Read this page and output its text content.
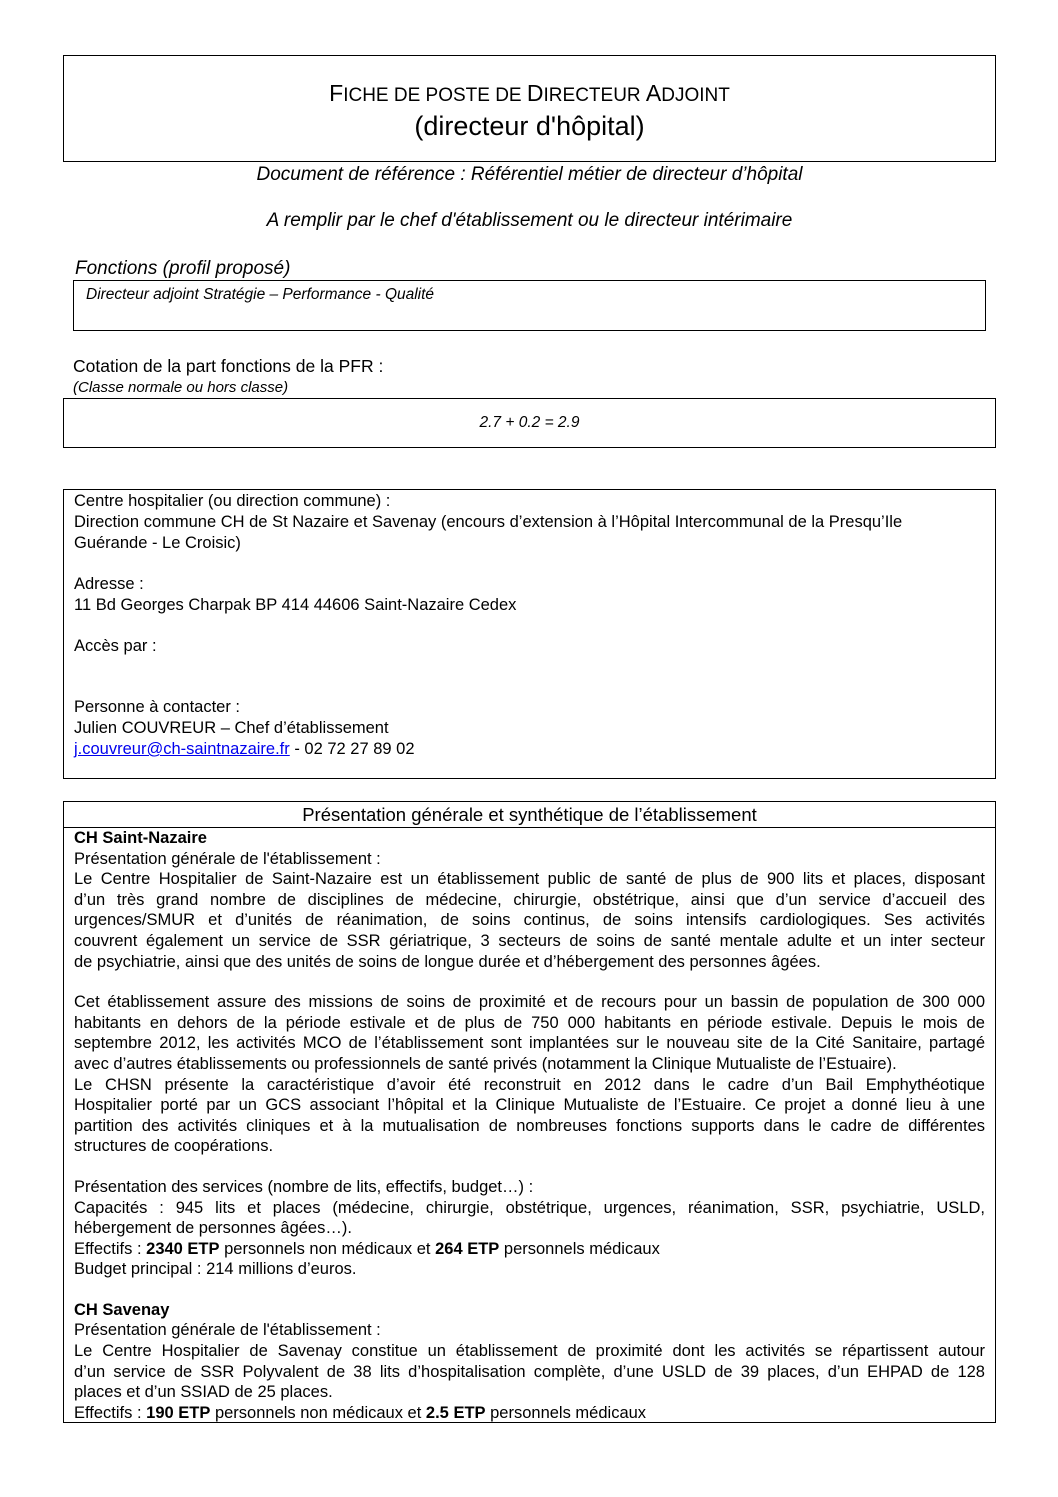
FICHE DE POSTE DE DIRECTEUR ADJOINT
(directeur d'hôpital)
Document de référence : Référentiel métier de directeur d’hôpital
A remplir par le chef d'établissement ou le directeur intérimaire
Fonctions (profil proposé)
Directeur adjoint Stratégie – Performance - Qualité
Cotation de la part fonctions de la PFR :
(Classe normale ou hors classe)
2.7 + 0.2 = 2.9
Centre hospitalier (ou direction commune) :
Direction commune CH de St Nazaire et Savenay (encours d’extension à l’Hôpital Intercommunal de la Presqu’Ile
Guérande - Le Croisic)
Adresse :
11 Bd Georges Charpak BP 414 44606 Saint-Nazaire Cedex
Accès par :
Personne à contacter :
Julien COUVREUR – Chef d’établissement
j.couvreur@ch-saintnazaire.fr - 02 72 27 89 02
Présentation générale et synthétique de l’établissement
CH Saint-Nazaire
Présentation générale de l'établissement :
Le Centre Hospitalier de Saint-Nazaire est un établissement public de santé de plus de 900 lits et places, disposant
d’un très grand nombre de disciplines de médecine, chirurgie, obstétrique, ainsi que d’un service d’accueil des
urgences/SMUR et d’unités de réanimation, de soins continus, de soins intensifs cardiologiques. Ses activités
couvrent également un service de SSR gériatrique, 3 secteurs de soins de santé mentale adulte et un inter secteur
de psychiatrie, ainsi que des unités de soins de longue durée et d’hébergement des personnes âgées.
Cet établissement assure des missions de soins de proximité et de recours pour un bassin de population de 300 000
habitants en dehors de la période estivale et de plus de 750 000 habitants en période estivale. Depuis le mois de
septembre 2012, les activités MCO de l’établissement sont implantées sur le nouveau site de la Cité Sanitaire, partagé
avec d’autres établissements ou professionnels de santé privés (notamment la Clinique Mutualiste de l’Estuaire).
Le CHSN présente la caractéristique d’avoir été reconstruit en 2012 dans le cadre d’un Bail Emphythéotique
Hospitalier porté par un GCS associant l’hôpital et la Clinique Mutualiste de l’Estuaire. Ce projet a donné lieu à une
partition des activités cliniques et à la mutualisation de nombreuses fonctions supports dans le cadre de différentes
structures de coopérations.
Présentation des services (nombre de lits, effectifs, budget…) :
Capacités : 945 lits et places (médecine, chirurgie, obstétrique, urgences, réanimation, SSR, psychiatrie, USLD,
hébergement de personnes âgées…).
Effectifs : 2340 ETP personnels non médicaux et 264 ETP personnels médicaux
Budget principal : 214 millions d’euros.
CH Savenay
Présentation générale de l'établissement :
Le Centre Hospitalier de Savenay constitue un établissement de proximité dont les activités se répartissent autour
d’un service de SSR Polyvalent de 38 lits d’hospitalisation complète, d’une USLD de 39 places, d’un EHPAD de 128
places et d’un SSIAD de 25 places.
Effectifs : 190 ETP personnels non médicaux et 2.5 ETP personnels médicaux
